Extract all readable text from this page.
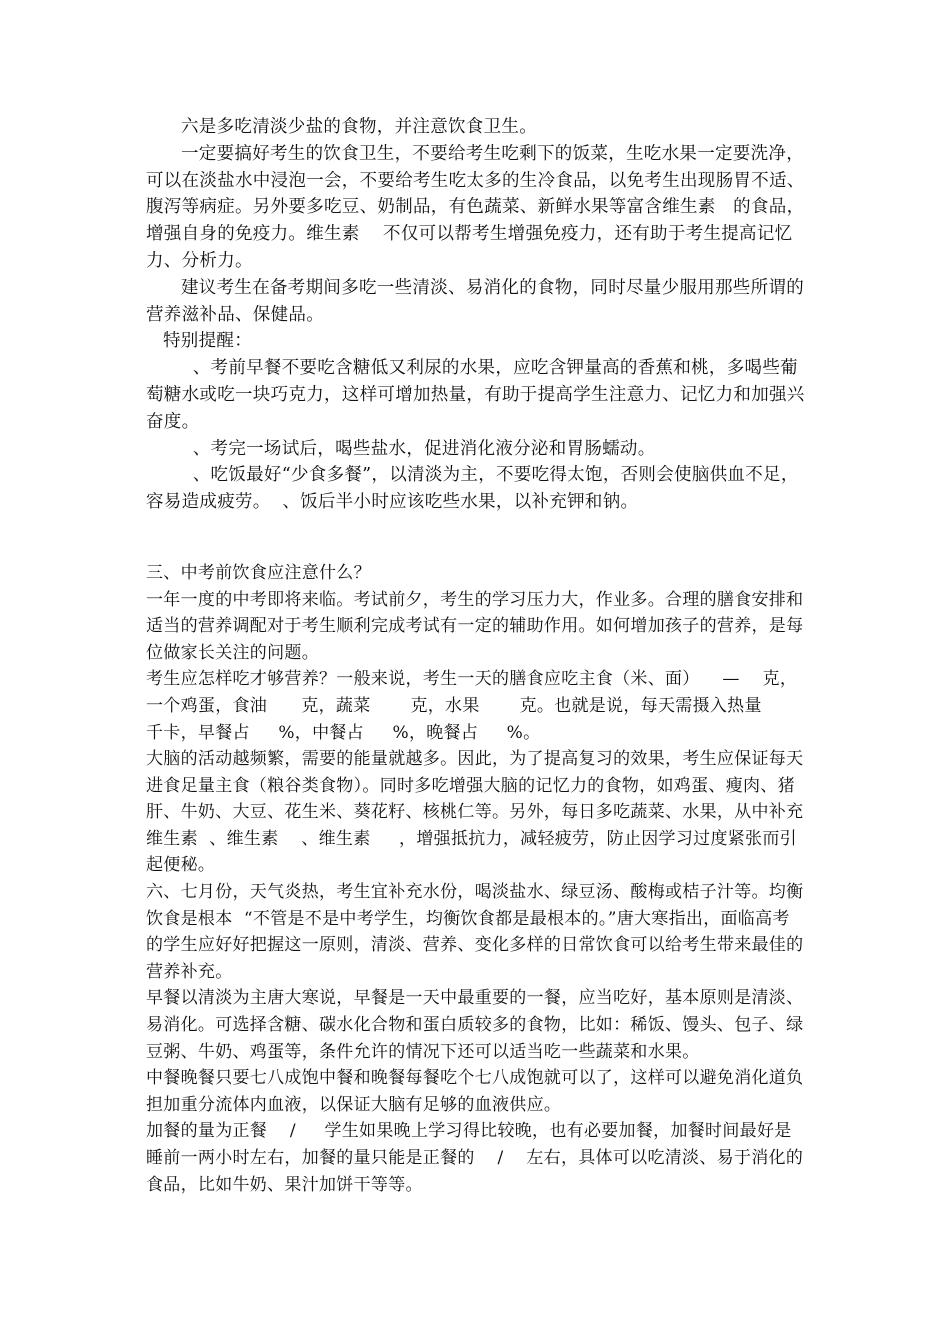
六是多吃清淡少盐的食物，并注意饮食卫生。

一定要搞好考生的饮食卫生，不要给考生吃剩下的饭菜，生吃水果一定要洗净，可以在淡盐水中浸泡一会，不要给考生吃太多的生冷食品，以免考生出现肠胃不适、腹泻等病症。另外要多吃豆、奶制品，有色蔬菜、新鲜水果等富含维生素   的食品，增强自身的免疫力。维生素    不仅可以帮考生增强免疫力，还有助于考生提高记忆力、分析力。

建议考生在备考期间多吃一些清淡、易消化的食物，同时尽量少服用那些所谓的营养滋补品、保健品。

特别提醒：

、考前早餐不要吃含糖低又利尿的水果，应吃含钾量高的香蕉和桃，多喝些葡萄糖水或吃一块巧克力，这样可增加热量，有助于提高学生注意力、记忆力和加强兴奋度。

、考完一场试后，喝些盐水，促进消化液分泌和胃肠蠕动。

、吃饭最好“少食多餐”，以清淡为主，不要吃得太饱，否则会使脑供血不足，容易造成疲劳。  、饭后半小时应该吃些水果，以补充钾和钠。

三、中考前饮食应注意什么？

一年一度的中考即将来临。考试前夕，考生的学习压力大，作业多。合理的膳食安排和适当的营养调配对于考生顺利完成考试有一定的辅助作用。如何增加孩子的营养，是每位做家长关注的问题。

考生应怎样吃才够营养？一般来说，考生一天的膳食应吃主食（米、面）    —    克，一个鸡蛋，食油      克，蔬菜       克，水果       克。也就是说，每天需摄入热量          千卡，早餐占     %，中餐占     %，晚餐占     %。

大脑的活动越频繁，需要的能量就越多。因此，为了提高复习的效果，考生应保证每天进食足量主食（粮谷类食物）。同时多吃增强大脑的记忆力的食物，如鸡蛋、瘦肉、猪肝、牛奶、大豆、花生米、葵花籽、核桃仁等。另外，每日多吃蔬菜、水果，从中补充维生素  、维生素    、维生素     ，增强抵抗力，减轻疲劳，防止因学习过度紧张而引起便秘。

六、七月份，天气炎热，考生宜补充水份，喝淡盐水、绿豆汤、酸梅或桔子汁等。均衡饮食是根本  “不管是不是中考学生，均衡饮食都是最根本的。”唐大寒指出，面临高考的学生应好好把握这一原则，清淡、营养、变化多样的日常饮食可以给考生带来最佳的营养补充。

早餐以清淡为主唐大寒说，早餐是一天中最重要的一餐，应当吃好，基本原则是清淡、易消化。可选择含糖、碳水化合物和蛋白质较多的食物，比如：稀饭、馒头、包子、绿豆粥、牛奶、鸡蛋等，条件允许的情况下还可以适当吃一些蔬菜和水果。

中餐晚餐只要七八成饱中餐和晚餐每餐吃个七八成饱就可以了，这样可以避免消化道负担加重分流体内血液，以保证大脑有足够的血液供应。

加餐的量为正餐    /     学生如果晚上学习得比较晚，也有必要加餐，加餐时间最好是睡前一两小时左右，加餐的量只能是正餐的    /    左右，具体可以吃清淡、易于消化的食品，比如牛奶、果汁加饼干等等。
